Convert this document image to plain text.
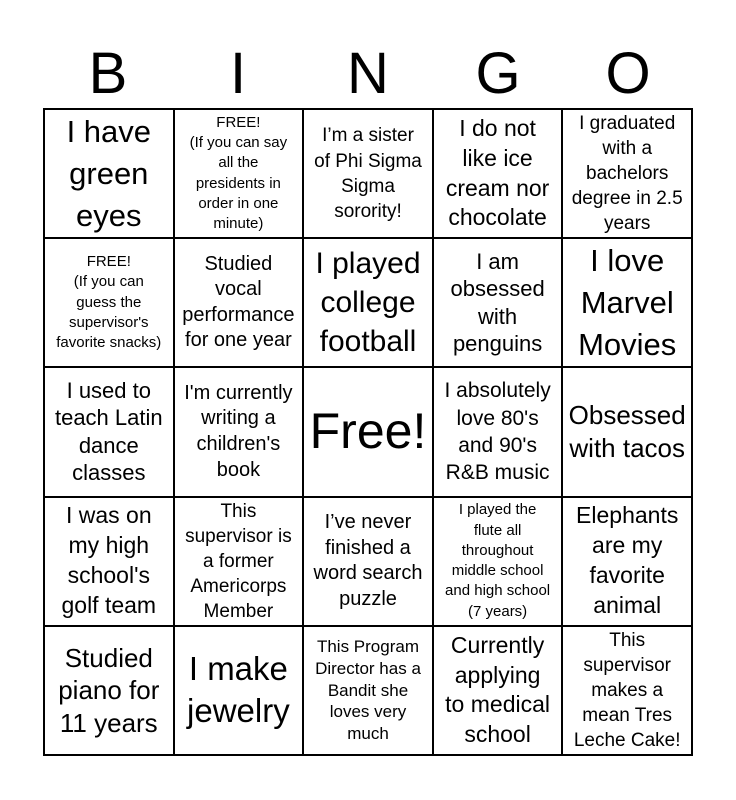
B	I	N	G	O
I have
green
eyes
FREE!
(If you can say
all the
presidents in
order in one
minute)
I’m a sister
of Phi Sigma
Sigma
sorority!
I do not
like ice
cream nor
chocolate
I graduated
with a
bachelors
degree in 2.5
years
FREE!
(If you can
guess the
supervisor's
favorite snacks)
Studied
vocal
performance
for one year
I played
college
football
I am
obsessed
with
penguins
I love
Marvel
Movies
I used to
teach Latin
dance
classes
I'm currently
writing a
children's
book
Free!
I absolutely
love 80's
and 90's
R&B music
Obsessed
with tacos
I was on
my high
school's
golf team
This
supervisor is
a former
Americorps
Member
I’ve never
finished a
word search
puzzle
I played the
flute all
throughout
middle school
and high school
(7 years)
Elephants
are my
favorite
animal
Studied
piano for
11 years
I make
jewelry
This Program
Director has a
Bandit she
loves very
much
Currently
applying
to medical
school
This
supervisor
makes a
mean Tres
Leche Cake!
